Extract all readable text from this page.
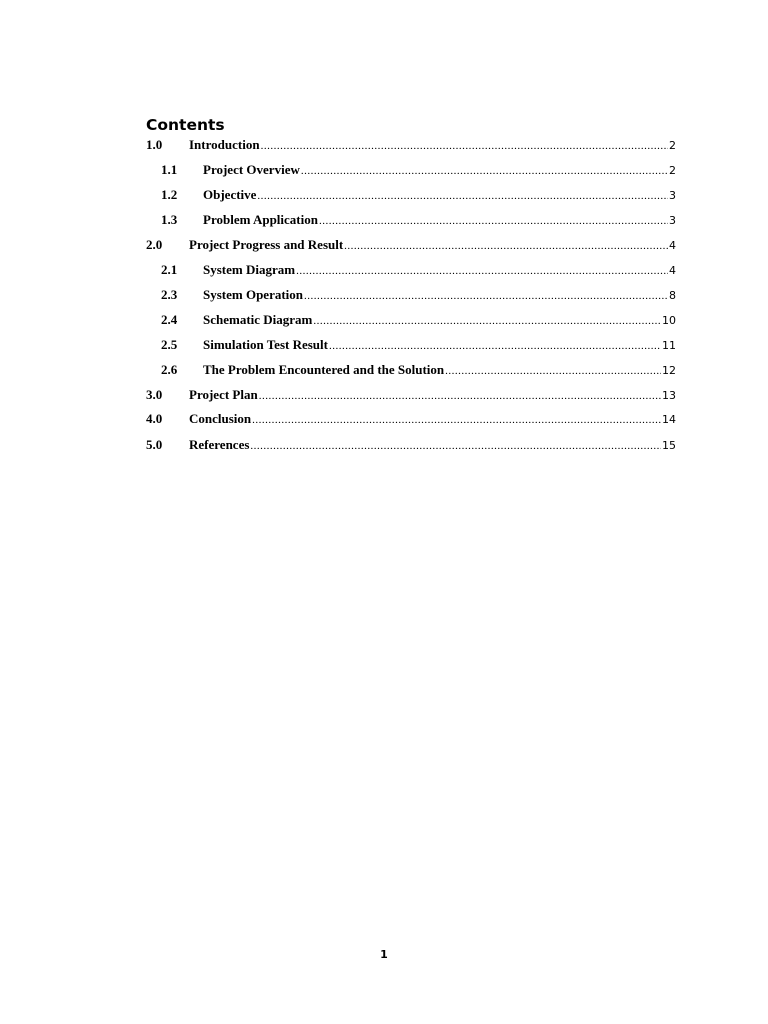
Contents
1.0	Introduction .....	2
1.1	Project Overview .....	2
1.2	Objective .....	3
1.3	Problem Application .....	3
2.0	Project Progress and Result .....	4
2.1	System Diagram .....	4
2.3	System Operation .....	8
2.4	Schematic Diagram .....	10
2.5	Simulation Test Result .....	11
2.6	The Problem Encountered and the Solution .....	12
3.0	Project Plan .....	13
4.0	Conclusion .....	14
5.0	References .....	15
1
